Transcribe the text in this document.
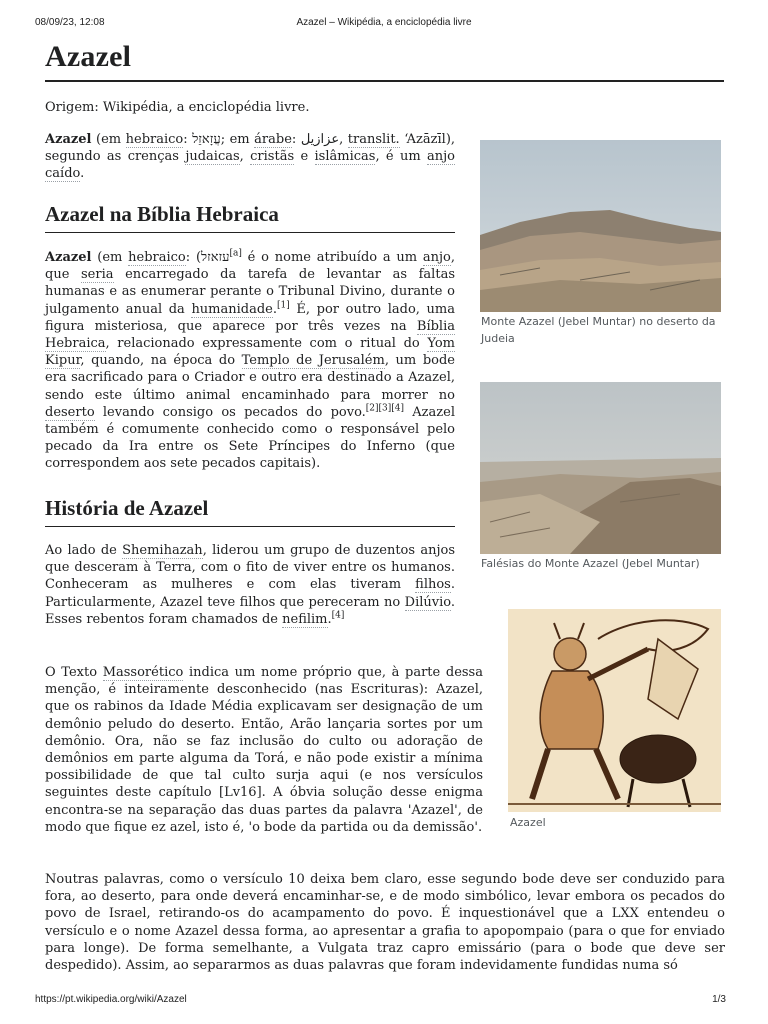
08/09/23, 12:08	Azazel – Wikipédia, a enciclopédia livre
Azazel

Origem: Wikipédia, a enciclopédia livre.

Azazel (em hebraico: עֲזָאזֵל; em árabe: عزازيل, translit. ʻAzāzīl), segundo as crenças judaicas, cristãs e islâmicas, é um anjo caído.

Azazel na Bíblia Hebraica

Azazel (em hebraico: (עזאזל[a] é o nome atribuído a um anjo, que seria encarregado da tarefa de levantar as faltas humanas e as enumerar perante o Tribunal Divino, durante o julgamento anual da humanidade.[1] É, por outro lado, uma figura misteriosa, que aparece por três vezes na Bíblia Hebraica, relacionado expressamente com o ritual do Yom Kipur, quando, na época do Templo de Jerusalém, um bode era sacrificado para o Criador e outro era destinado a Azazel, sendo este último animal encaminhado para morrer no deserto levando consigo os pecados do povo.[2][3][4] Azazel também é comumente conhecido como o responsável pelo pecado da Ira entre os Sete Príncipes do Inferno (que correspondem aos sete pecados capitais).

História de Azazel

Ao lado de Shemihazah, liderou um grupo de duzentos anjos que desceram à Terra, com o fito de viver entre os humanos. Conheceram as mulheres e com elas tiveram filhos. Particularmente, Azazel teve filhos que pereceram no Dilúvio. Esses rebentos foram chamados de nefilim.[4]

O Texto Massorético indica um nome próprio que, à parte dessa menção, é inteiramente desconhecido (nas Escrituras): Azazel, que os rabinos da Idade Média explicavam ser designação de um demônio peludo do deserto. Então, Arão lançaria sortes por um demônio. Ora, não se faz inclusão do culto ou adoração de demônios em parte alguma da Torá, e não pode existir a mínima possibilidade de que tal culto surja aqui (e nos versículos seguintes deste capítulo [Lv16]. A óbvia solução desse enigma encontra-se na separação das duas partes da palavra 'Azazel', de modo que fique ez azel, isto é, 'o bode da partida ou da demissão'.

Noutras palavras, como o versículo 10 deixa bem claro, esse segundo bode deve ser conduzido para fora, ao deserto, para onde deverá encaminhar-se, e de modo simbólico, levar embora os pecados do povo de Israel, retirando-os do acampamento do povo. É inquestionável que a LXX entendeu o versículo e o nome Azazel dessa forma, ao apresentar a grafia to apopompaio (para o que for enviado para longe). De forma semelhante, a Vulgata traz capro emissário (para o bode que deve ser despedido). Assim, ao separarmos as duas palavras que foram indevidamente fundidas numa só

Monte Azazel (Jebel Muntar) no deserto da Judeia
Falésias do Monte Azazel (Jebel Muntar)
Azazel
https://pt.wikipedia.org/wiki/Azazel	1/3
